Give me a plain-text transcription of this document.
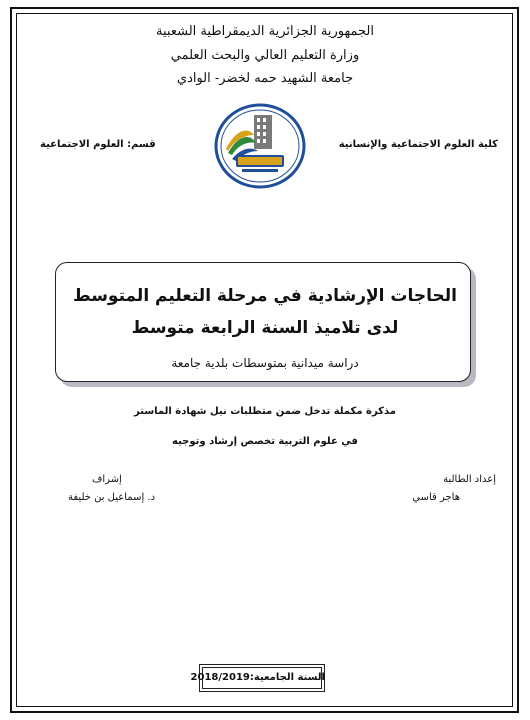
الجمهورية الجزائرية الديمقراطية الشعبية
وزارة التعليم العالي والبحث العلمي
جامعة الشهيد حمه لخضر- الوادي
كلية العلوم الاجتماعية والإنسانية
قسم: العلوم الاجتماعية
الحاجات الإرشادية في مرحلة التعليم المتوسط
لدى تلاميذ السنة الرابعة متوسط
دراسة ميدانية بمتوسطات بلدية جامعة
مذكرة مكملة تدخل ضمن متطلبات نيل شهادة الماستر
في علوم التربية تخصص إرشاد وتوجيه
إعداد الطالبة
هاجر قاسي
إشراف
د. إسماعيل بن خليفة
السنة الجامعية:2018/2019
